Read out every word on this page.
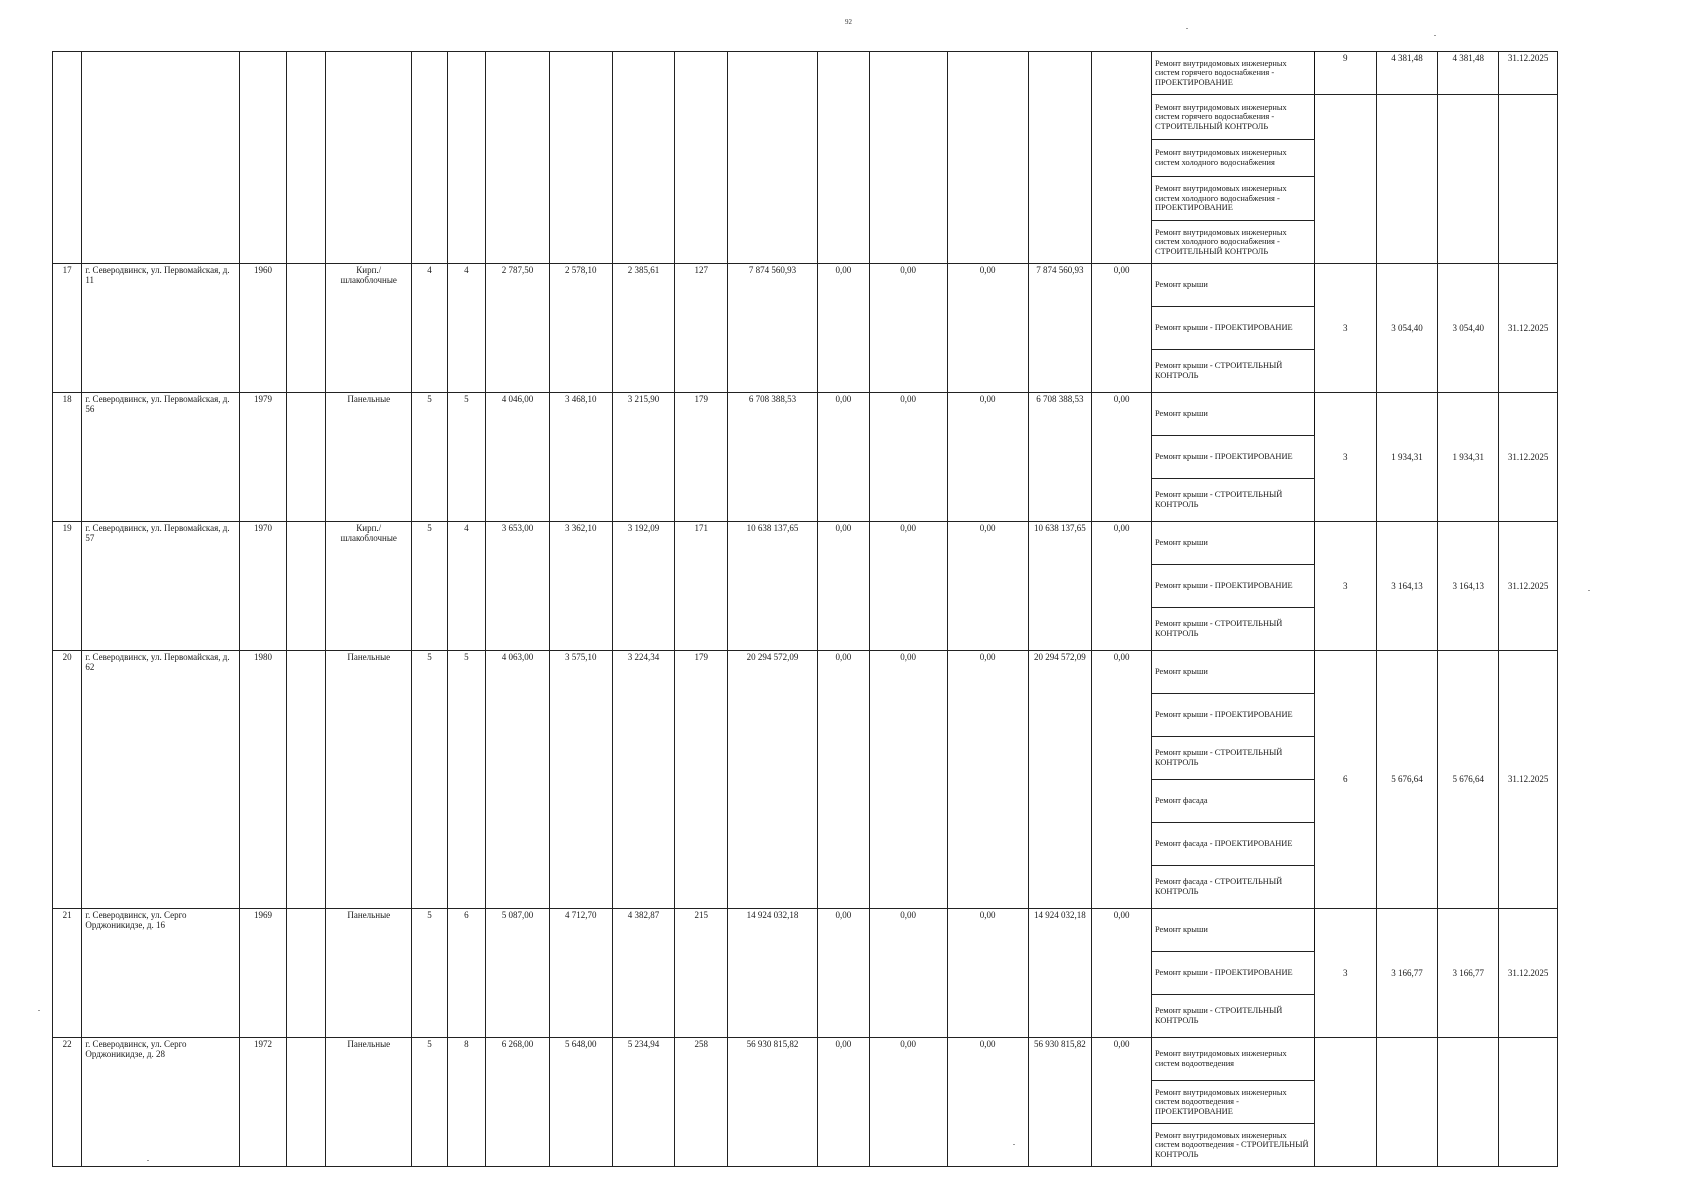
92
																	Ремонт внутридомовых инженерных систем горячего водоснабжения - ПРОЕКТИРОВАНИЕ	9	4 381,48	4 381,48	31.12.2025
																	Ремонт внутридомовых инженерных систем горячего водоснабжения - СТРОИТЕЛЬНЫЙ КОНТРОЛЬ				
																	Ремонт внутридомовых инженерных систем холодного водоснабжения				
																	Ремонт внутридомовых инженерных систем холодного водоснабжения - ПРОЕКТИРОВАНИЕ				
																	Ремонт внутридомовых инженерных систем холодного водоснабжения - СТРОИТЕЛЬНЫЙ КОНТРОЛЬ				
17	г. Северодвинск, ул. Первомайская, д. 11	1960		Кирп./ шлакоблочные	4	4	2 787,50	2 578,10	2 385,61	127	7 874 560,93	0,00	0,00	0,00	7 874 560,93	0,00	Ремонт крыши	3	3 054,40	3 054,40	31.12.2025
																	Ремонт крыши - ПРОЕКТИРОВАНИЕ				
																	Ремонт крыши - СТРОИТЕЛЬНЫЙ КОНТРОЛЬ				
18	г. Северодвинск, ул. Первомайская, д. 56	1979		Панельные	5	5	4 046,00	3 468,10	3 215,90	179	6 708 388,53	0,00	0,00	0,00	6 708 388,53	0,00	Ремонт крыши	3	1 934,31	1 934,31	31.12.2025
																	Ремонт крыши - ПРОЕКТИРОВАНИЕ				
																	Ремонт крыши - СТРОИТЕЛЬНЫЙ КОНТРОЛЬ				
19	г. Северодвинск, ул. Первомайская, д. 57	1970		Кирп./ шлакоблочные	5	4	3 653,00	3 362,10	3 192,09	171	10 638 137,65	0,00	0,00	0,00	10 638 137,65	0,00	Ремонт крыши	3	3 164,13	3 164,13	31.12.2025
																	Ремонт крыши - ПРОЕКТИРОВАНИЕ				
																	Ремонт крыши - СТРОИТЕЛЬНЫЙ КОНТРОЛЬ				
20	г. Северодвинск, ул. Первомайская, д. 62	1980		Панельные	5	5	4 063,00	3 575,10	3 224,34	179	20 294 572,09	0,00	0,00	0,00	20 294 572,09	0,00	Ремонт крыши	6	5 676,64	5 676,64	31.12.2025
																	Ремонт крыши - ПРОЕКТИРОВАНИЕ				
																	Ремонт крыши - СТРОИТЕЛЬНЫЙ КОНТРОЛЬ				
																	Ремонт фасада				
																	Ремонт фасада - ПРОЕКТИРОВАНИЕ				
																	Ремонт фасада - СТРОИТЕЛЬНЫЙ КОНТРОЛЬ				
21	г. Северодвинск, ул. Серго Орджоникидзе, д. 16	1969		Панельные	5	6	5 087,00	4 712,70	4 382,87	215	14 924 032,18	0,00	0,00	0,00	14 924 032,18	0,00	Ремонт крыши	3	3 166,77	3 166,77	31.12.2025
																	Ремонт крыши - ПРОЕКТИРОВАНИЕ				
																	Ремонт крыши - СТРОИТЕЛЬНЫЙ КОНТРОЛЬ				
22	г. Северодвинск, ул. Серго Орджоникидзе, д. 28	1972		Панельные	5	8	6 268,00	5 648,00	5 234,94	258	56 930 815,82	0,00	0,00	0,00	56 930 815,82	0,00	Ремонт внутридомовых инженерных систем водоотведения				
																	Ремонт внутридомовых инженерных систем водоотведения - ПРОЕКТИРОВАНИЕ				
																	Ремонт внутридомовых инженерных систем водоотведения - СТРОИТЕЛЬНЫЙ КОНТРОЛЬ				
